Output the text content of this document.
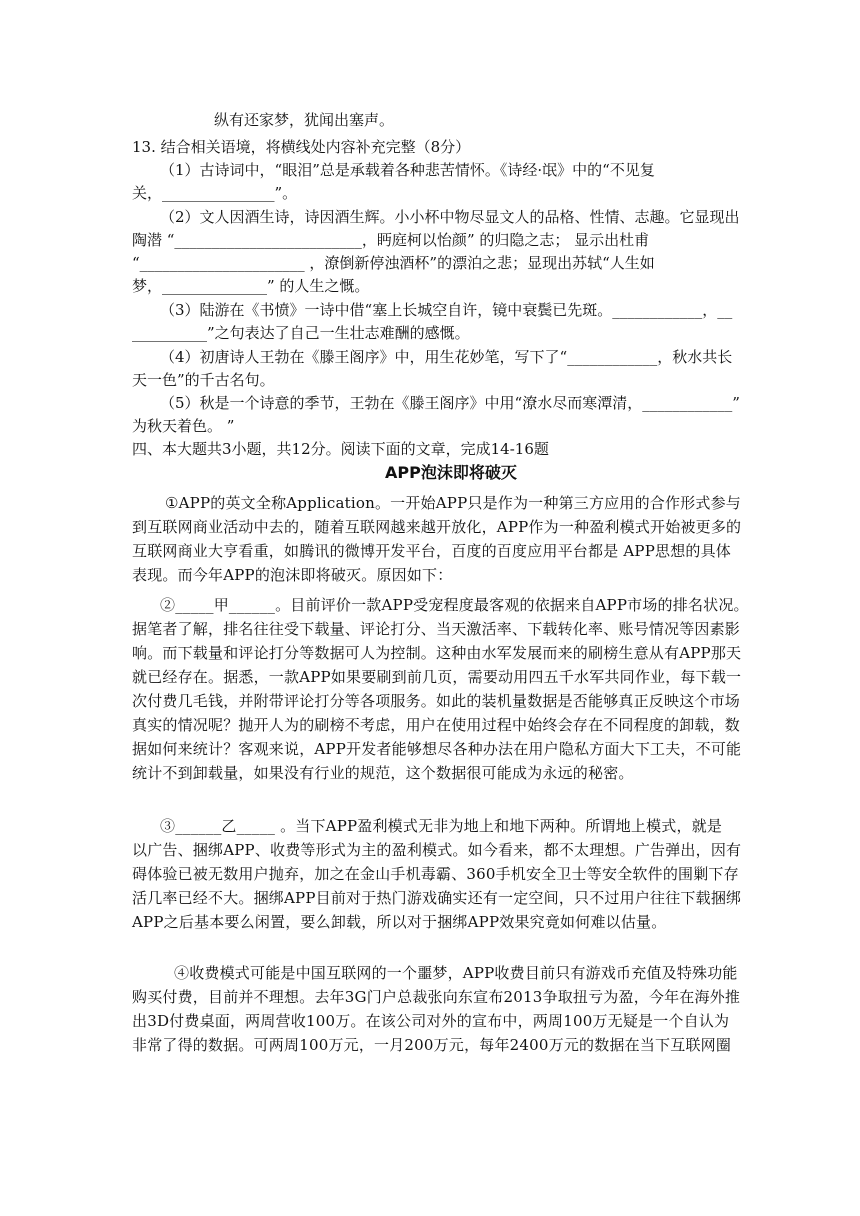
纵有还家梦，犹闻出塞声。
13. 结合相关语境，将横线处内容补充完整（8分）
（1）古诗词中，“眼泪”总是承载着各种悲苦情怀。《诗经·氓》中的“不见复
关，_______________”。
（2）文人因酒生诗，诗因酒生辉。小小杯中物尽显文人的品格、性情、志趣。它显现出
陶潜 “_________________________，眄庭柯以怡颜” 的归隐之志； 显示出杜甫
“______________________ ，潦倒新停浊酒杯”的漂泊之悲；显现出苏轼“人生如
梦，______________” 的人生之慨。
（3）陆游在《书愤》一诗中借“塞上长城空自许，镜中衰鬓已先斑。____________，__
__________”之句表达了自己一生壮志难酬的感慨。
（4）初唐诗人王勃在《滕王阁序》中，用生花妙笔，写下了“____________，秋水共长
天一色”的千古名句。
（5）秋是一个诗意的季节，王勃在《滕王阁序》中用“潦水尽而寒潭清，____________”
为秋天着色。 ”
四、本大题共3小题，共12分。阅读下面的文章，完成14-16题
APP泡沫即将破灭
①APP的英文全称Application。一开始APP只是作为一种第三方应用的合作形式参与
到互联网商业活动中去的，随着互联网越来越开放化，APP作为一种盈利模式开始被更多的
互联网商业大亨看重，如腾讯的微博开发平台，百度的百度应用平台都是 APP思想的具体
表现。而今年APP的泡沫即将破灭。原因如下：
②_____甲______。目前评价一款APP受宠程度最客观的依据来自APP市场的排名状况。
据笔者了解，排名往往受下载量、评论打分、当天激活率、下载转化率、账号情况等因素影
响。而下载量和评论打分等数据可人为控制。这种由水军发展而来的刷榜生意从有APP那天
就已经存在。据悉，一款APP如果要刷到前几页，需要动用四五千水军共同作业，每下载一
次付费几毛钱，并附带评论打分等各项服务。如此的装机量数据是否能够真正反映这个市场
真实的情况呢？抛开人为的刷榜不考虑，用户在使用过程中始终会存在不同程度的卸载，数
据如何来统计？客观来说，APP开发者能够想尽各种办法在用户隐私方面大下工夫，不可能
统计不到卸载量，如果没有行业的规范，这个数据很可能成为永远的秘密。
③______乙_____ 。当下APP盈利模式无非为地上和地下两种。所谓地上模式，就是
以广告、捆绑APP、收费等形式为主的盈利模式。如今看来，都不太理想。广告弹出，因有
碍体验已被无数用户抛弃，加之在金山手机毒霸、360手机安全卫士等安全软件的围剿下存
活几率已经不大。捆绑APP目前对于热门游戏确实还有一定空间，只不过用户往往下载捆绑
APP之后基本要么闲置，要么卸载，所以对于捆绑APP效果究竟如何难以估量。
④收费模式可能是中国互联网的一个噩梦，APP收费目前只有游戏币充值及特殊功能
购买付费，目前并不理想。去年3G门户总裁张向东宣布2013争取扭亏为盈，今年在海外推
出3D付费桌面，两周营收100万。在该公司对外的宣布中，两周100万无疑是一个自认为
非常了得的数据。可两周100万元，一月200万元，每年2400万元的数据在当下互联网圈
